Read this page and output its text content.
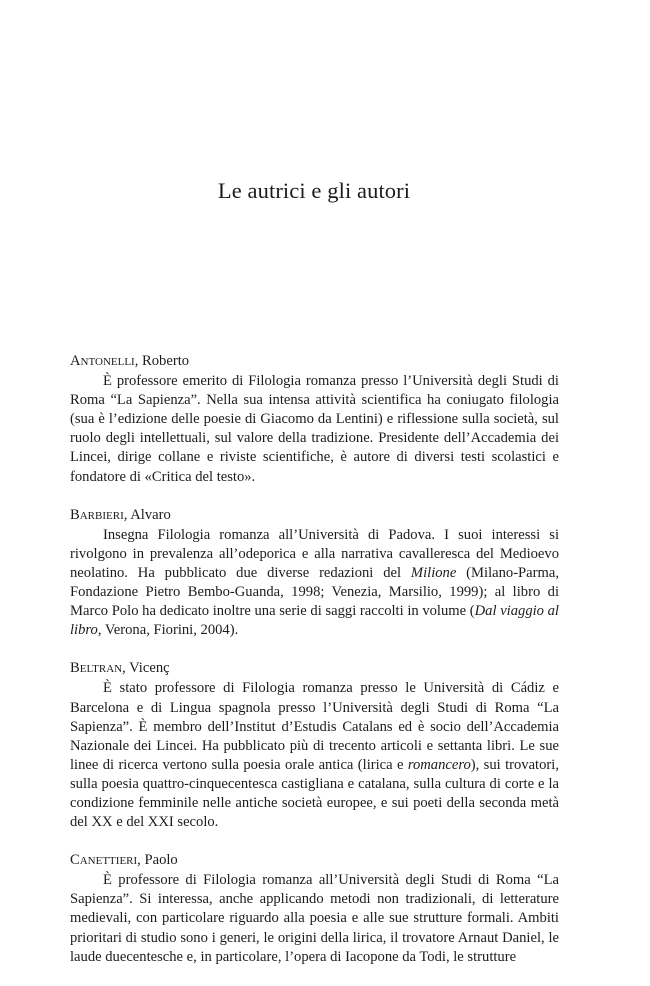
Le autrici e gli autori
Antonelli, Roberto

È professore emerito di Filologia romanza presso l’Università degli Studi di Roma “La Sapienza”. Nella sua intensa attività scientifica ha coniugato filologia (sua è l’edizione delle poesie di Giacomo da Lentini) e riflessione sulla società, sul ruolo degli intellettuali, sul valore della tradizione. Presidente dell’Accademia dei Lincei, dirige collane e riviste scientifiche, è autore di diversi testi scolastici e fondatore di «Critica del testo».

Barbieri, Alvaro

Insegna Filologia romanza all’Università di Padova. I suoi interessi si rivolgono in prevalenza all’odeporica e alla narrativa cavalleresca del Medioevo neolatino. Ha pubblicato due diverse redazioni del Milione (Milano-Parma, Fondazione Pietro Bembo-Guanda, 1998; Venezia, Marsilio, 1999); al libro di Marco Polo ha dedicato inoltre una serie di saggi raccolti in volume (Dal viaggio al libro, Verona, Fiorini, 2004).

Beltran, Vicenç

È stato professore di Filologia romanza presso le Università di Cádiz e Barcelona e di Lingua spagnola presso l’Università degli Studi di Roma “La Sapienza”. È membro dell’Institut d’Estudis Catalans ed è socio dell’Accademia Nazionale dei Lincei. Ha pubblicato più di trecento articoli e settanta libri. Le sue linee di ricerca vertono sulla poesia orale antica (lirica e romancero), sui trovatori, sulla poesia quattro-cinquecentesca castigliana e catalana, sulla cultura di corte e la condizione femminile nelle antiche società europee, e sui poeti della seconda metà del XX e del XXI secolo.

Canettieri, Paolo

È professore di Filologia romanza all’Università degli Studi di Roma “La Sapienza”. Si interessa, anche applicando metodi non tradizionali, di letterature medievali, con particolare riguardo alla poesia e alle sue strutture formali. Ambiti prioritari di studio sono i generi, le origini della lirica, il trovatore Arnaut Daniel, le laude duecentesche e, in particolare, l’opera di Iacopone da Todi, le strutture
